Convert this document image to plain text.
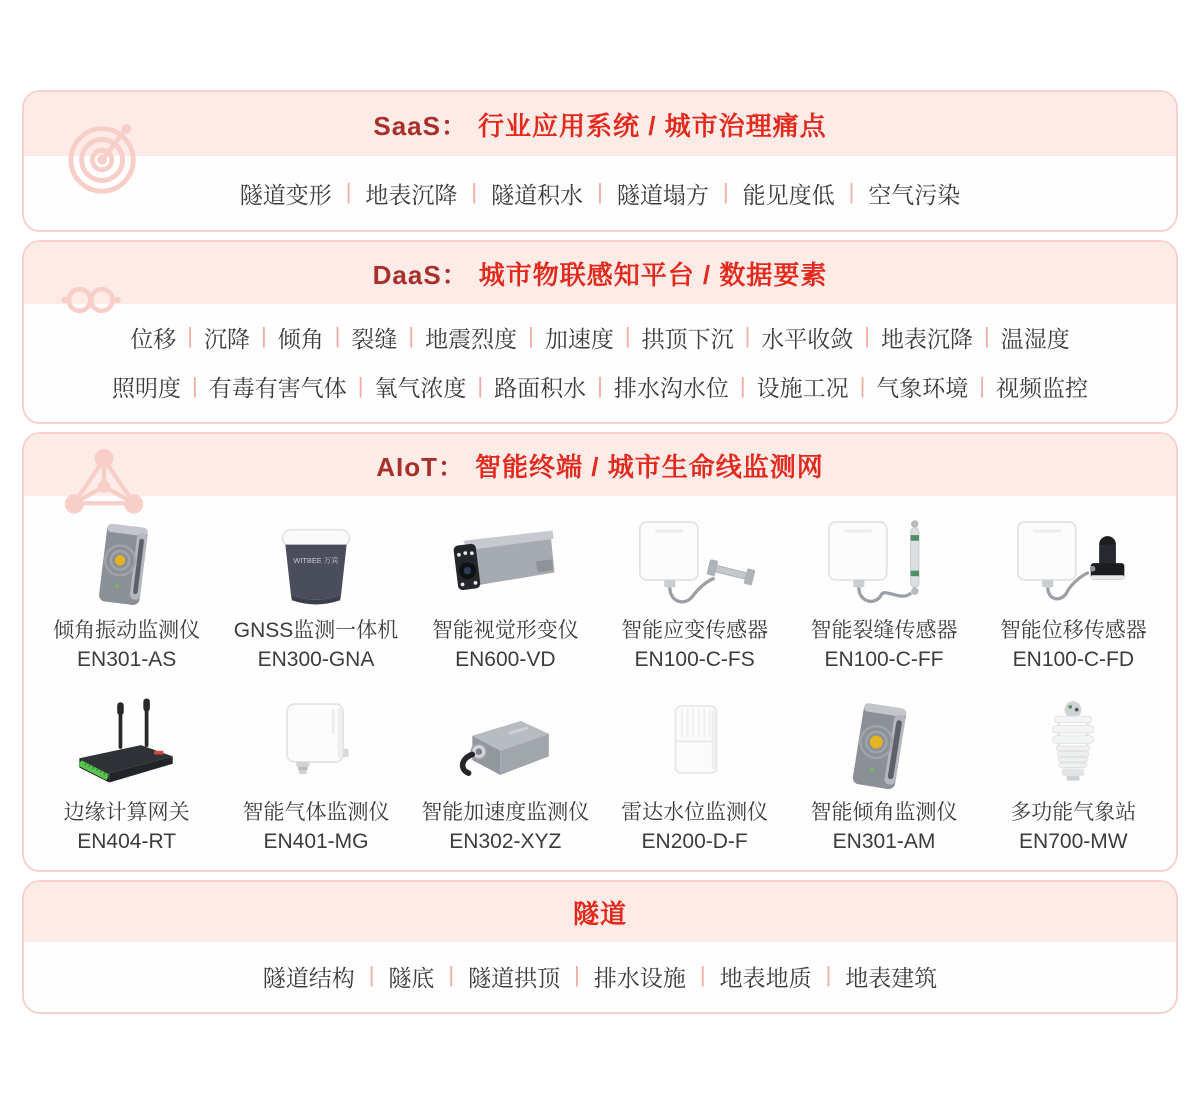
SaaS： 行业应用系统 / 城市治理痛点
隧道变形 | 地表沉降 | 隧道积水 | 隧道塌方 | 能见度低 | 空气污染
DaaS： 城市物联感知平台 / 数据要素
位移 | 沉降 | 倾角 | 裂缝 | 地震烈度 | 加速度 | 拱顶下沉 | 水平收敛 | 地表沉降 | 温湿度
照明度 | 有毒有害气体 | 氧气浓度 | 路面积水 | 排水沟水位 | 设施工况 | 气象环境 | 视频监控
AIoT： 智能终端 / 城市生命线监测网
倾角振动监测仪
EN301-AS
WITBEE 万宾
GNSS监测一体机
EN300-GNA
智能视觉形变仪
EN600-VD
智能应变传感器
EN100-C-FS
智能裂缝传感器
EN100-C-FF
智能位移传感器
EN100-C-FD
边缘计算网关
EN404-RT
智能气体监测仪
EN401-MG
智能加速度监测仪
EN302-XYZ
雷达水位监测仪
EN200-D-F
智能倾角监测仪
EN301-AM
多功能气象站
EN700-MW
隧道
隧道结构 | 隧底 | 隧道拱顶 | 排水设施 | 地表地质 | 地表建筑
